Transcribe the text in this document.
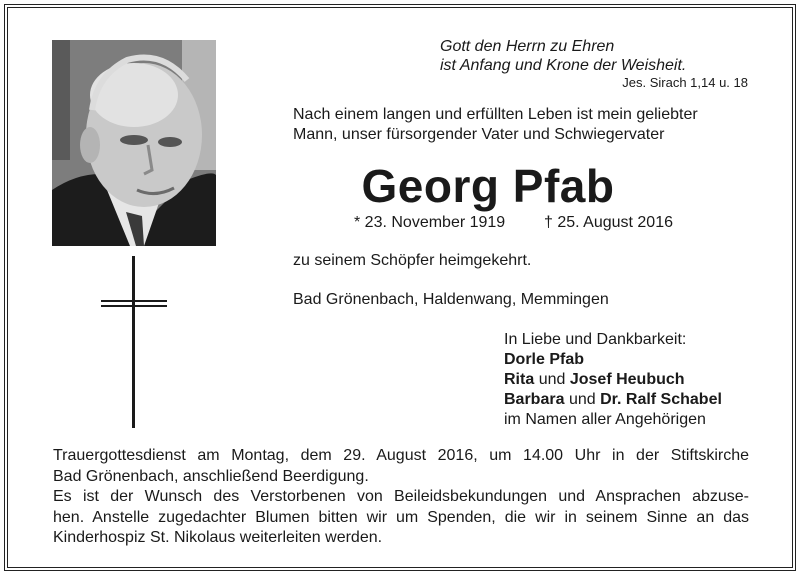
Gott den Herrn zu Ehren
ist Anfang und Krone der Weisheit.
Jes. Sirach 1,14 u. 18
Nach einem langen und erfüllten Leben ist mein geliebter
Mann, unser fürsorgender Vater und Schwiegervater
Georg Pfab
* 23. November 1919 † 25. August 2016
zu seinem Schöpfer heimgekehrt.
Bad Grönenbach, Haldenwang, Memmingen
In Liebe und Dankbarkeit:
Dorle Pfab
Rita und Josef Heubuch
Barbara und Dr. Ralf Schabel
im Namen aller Angehörigen
Trauergottesdienst am Montag, dem 29. August 2016, um 14.00 Uhr in der Stiftskirche
Bad Grönenbach, anschließend Beerdigung.
Es ist der Wunsch des Verstorbenen von Beileidsbekundungen und Ansprachen abzuse-
hen. Anstelle zugedachter Blumen bitten wir um Spenden, die wir in seinem Sinne an das
Kinderhospiz St. Nikolaus weiterleiten werden.
